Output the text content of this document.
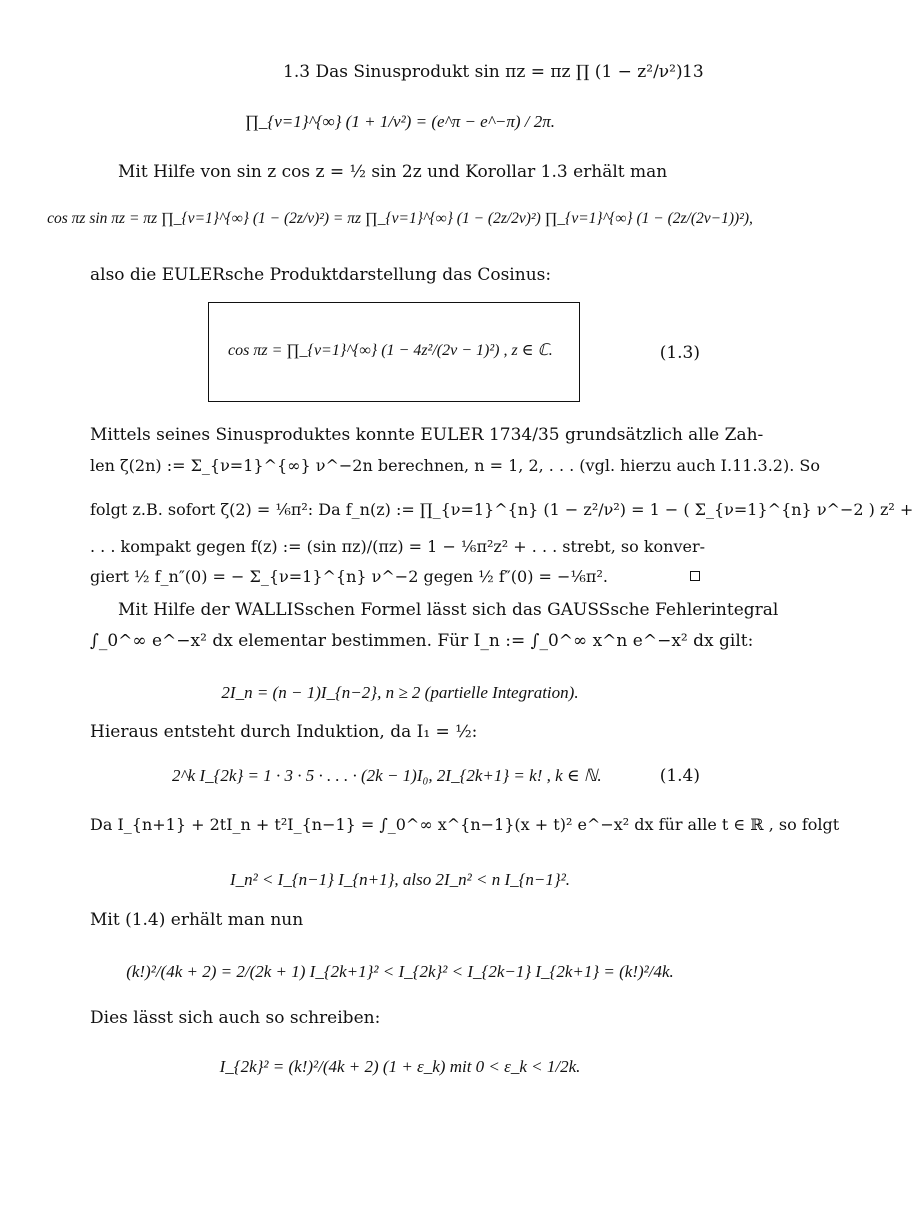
1.3 Das Sinusprodukt sin πz = πz ∏ (1 − z²/ν²) 13
∏_{ν=1}^{∞} (1 + 1/ν²) = (e^π − e^−π) / 2π.
Mit Hilfe von sin z cos z = ½ sin 2z und Korollar 1.3 erhält man
cos πz sin πz = πz ∏_{ν=1}^{∞} (1 − (2z/ν)²) = πz ∏_{ν=1}^{∞} (1 − (2z/2ν)²) ∏_{ν=1}^{∞} (1 − (2z/(2ν−1))²),
also die EULERsche Produktdarstellung das Cosinus:
cos πz = ∏_{ν=1}^{∞} (1 − 4z²/(2ν − 1)²) , z ∈ ℂ.	(1.3)
Mittels seines Sinusproduktes konnte EULER 1734/35 grundsätzlich alle Zah-
len ζ(2n) := Σ_{ν=1}^{∞} ν^−2n berechnen, n = 1, 2, . . . (vgl. hierzu auch I.11.3.2). So
folgt z.B. sofort ζ(2) = ⅙π²: Da f_n(z) := ∏_{ν=1}^{n} (1 − z²/ν²) = 1 − ( Σ_{ν=1}^{n} ν^−2 ) z² +
. . . kompakt gegen f(z) := (sin πz)/(πz) = 1 − ⅙π²z² + . . . strebt, so konver-
giert ½ f_n″(0) = − Σ_{ν=1}^{n} ν^−2 gegen ½ f″(0) = −⅙π².
Mit Hilfe der WALLISschen Formel lässt sich das GAUSSsche Fehlerintegral
∫_0^∞ e^−x² dx elementar bestimmen. Für I_n := ∫_0^∞ x^n e^−x² dx gilt:
2I_n = (n − 1)I_{n−2}, n ≥ 2 (partielle Integration).
Hieraus entsteht durch Induktion, da I₁ = ½:
2^k I_{2k} = 1 · 3 · 5 · . . . · (2k − 1)I₀, 2I_{2k+1} = k! , k ∈ ℕ.	(1.4)
Da I_{n+1} + 2tI_n + t²I_{n−1} = ∫_0^∞ x^{n−1}(x + t)² e^−x² dx für alle t ∈ ℝ , so folgt
I_n² < I_{n−1} I_{n+1}, also 2I_n² < n I_{n−1}².
Mit (1.4) erhält man nun
(k!)²/(4k + 2) = 2/(2k + 1) I_{2k+1}² < I_{2k}² < I_{2k−1} I_{2k+1} = (k!)²/4k.
Dies lässt sich auch so schreiben:
I_{2k}² = (k!)²/(4k + 2) (1 + ε_k) mit 0 < ε_k < 1/2k.
